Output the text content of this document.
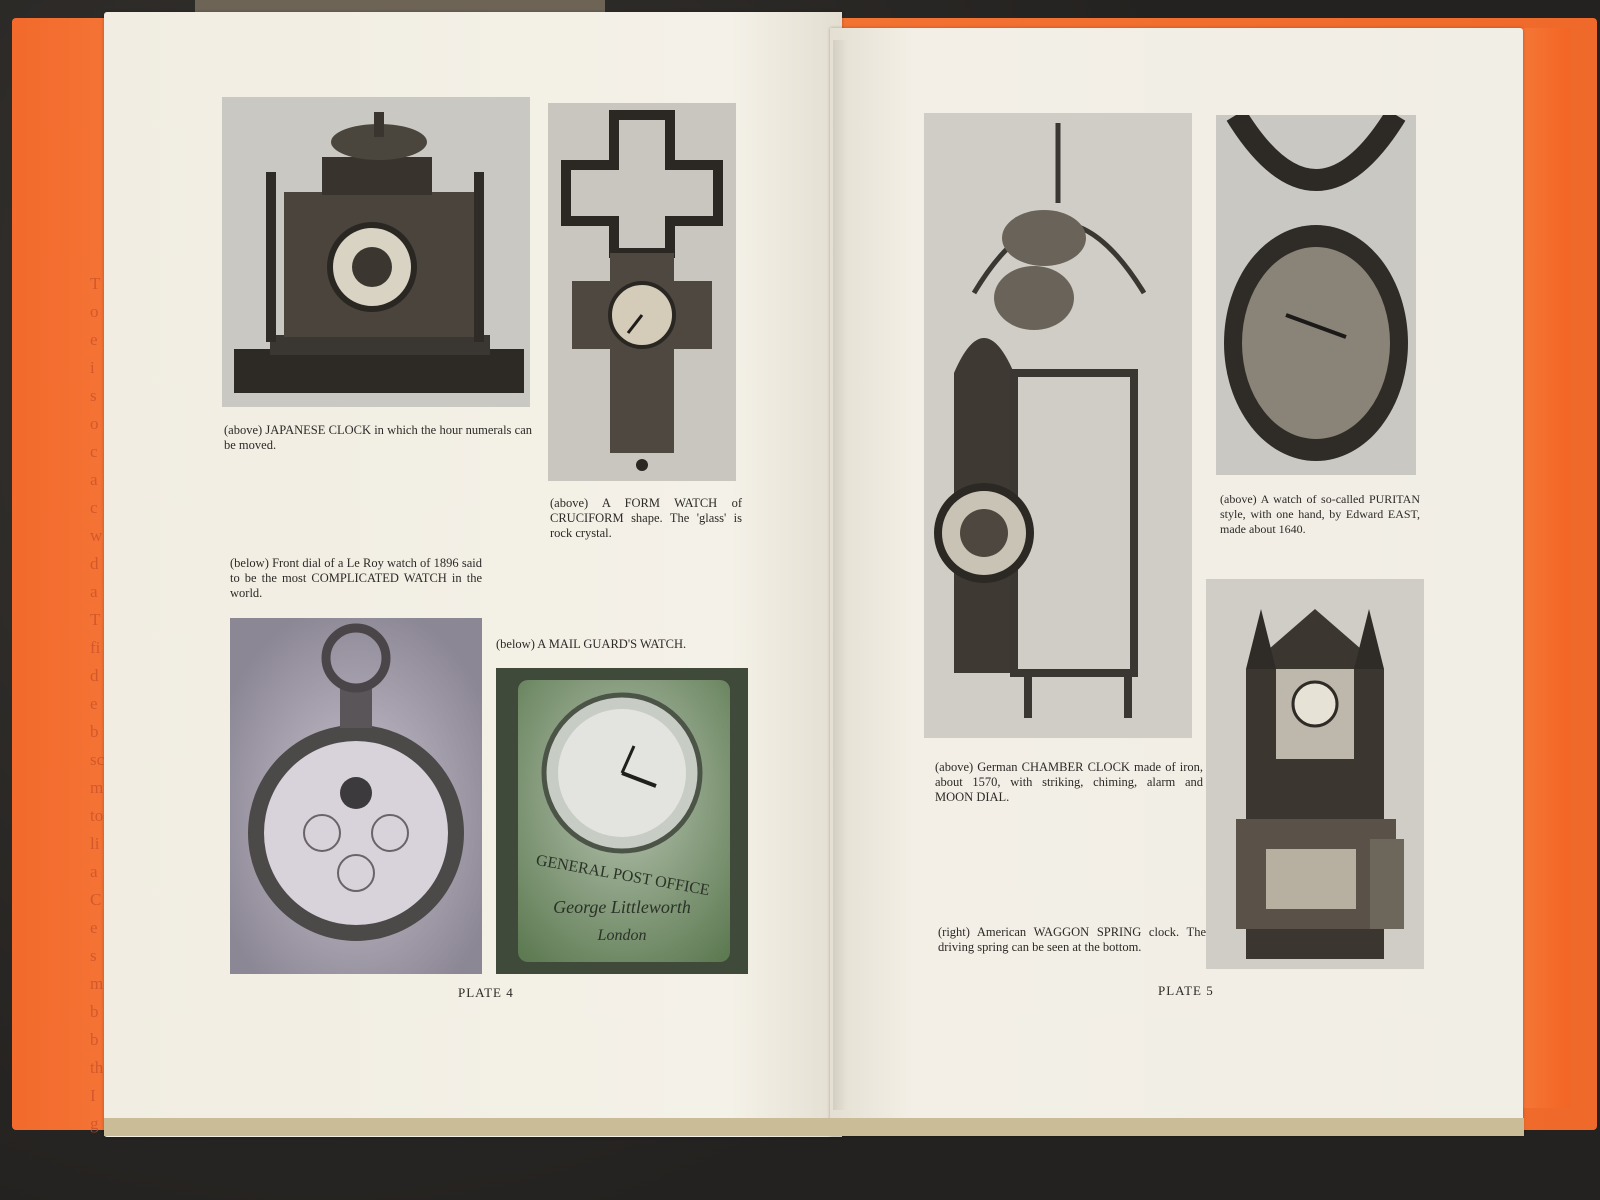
T
o
e
i
s
o
c
a
c
w
d
a
T
fi
d
e
b
sc
m
to
li
a
C
e
s
m
b
b
th
I
g
GENERAL POST OFFICE
George Littleworth
London
(above) JAPANESE CLOCK in which the hour numerals can be moved.
(above) A FORM WATCH of CRUCIFORM shape. The 'glass' is rock crystal.
(below) Front dial of a Le Roy watch of 1896 said to be the most COMPLICATED WATCH in the world.
(below) A MAIL GUARD'S WATCH.
PLATE 4
(above) A watch of so-called PURITAN style, with one hand, by Edward EAST, made about 1640.
(above) German CHAMBER CLOCK made of iron, about 1570, with striking, chiming, alarm and MOON DIAL.
(right) American WAGGON SPRING clock. The driving spring can be seen at the bottom.
PLATE 5
